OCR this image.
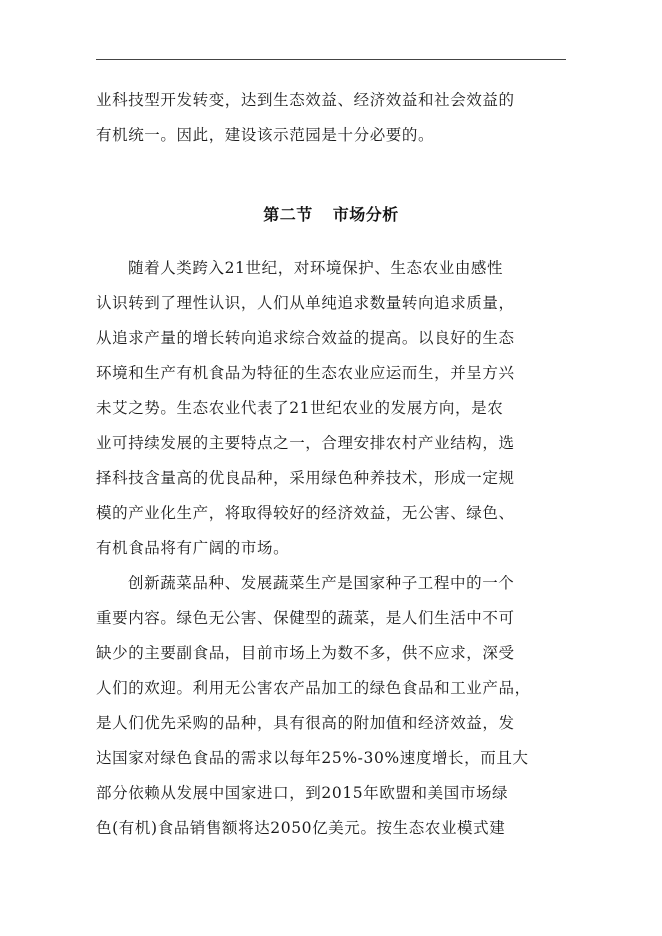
业科技型开发转变，达到生态效益、经济效益和社会效益的
有机统一。因此，建设该示范园是十分必要的。
第二节 市场分析
随着人类跨入21世纪，对环境保护、生态农业由感性
认识转到了理性认识，人们从单纯追求数量转向追求质量，
从追求产量的增长转向追求综合效益的提高。以良好的生态
环境和生产有机食品为特征的生态农业应运而生，并呈方兴
未艾之势。生态农业代表了21世纪农业的发展方向，是农
业可持续发展的主要特点之一，合理安排农村产业结构，选
择科技含量高的优良品种，采用绿色种养技术，形成一定规
模的产业化生产，将取得较好的经济效益，无公害、绿色、
有机食品将有广阔的市场。
创新蔬菜品种、发展蔬菜生产是国家种子工程中的一个
重要内容。绿色无公害、保健型的蔬菜，是人们生活中不可
缺少的主要副食品，目前市场上为数不多，供不应求，深受
人们的欢迎。利用无公害农产品加工的绿色食品和工业产品，
是人们优先采购的品种，具有很高的附加值和经济效益，发
达国家对绿色食品的需求以每年25%-30%速度增长，而且大
部分依赖从发展中国家进口，到2015年欧盟和美国市场绿
色(有机)食品销售额将达2050亿美元。按生态农业模式建
